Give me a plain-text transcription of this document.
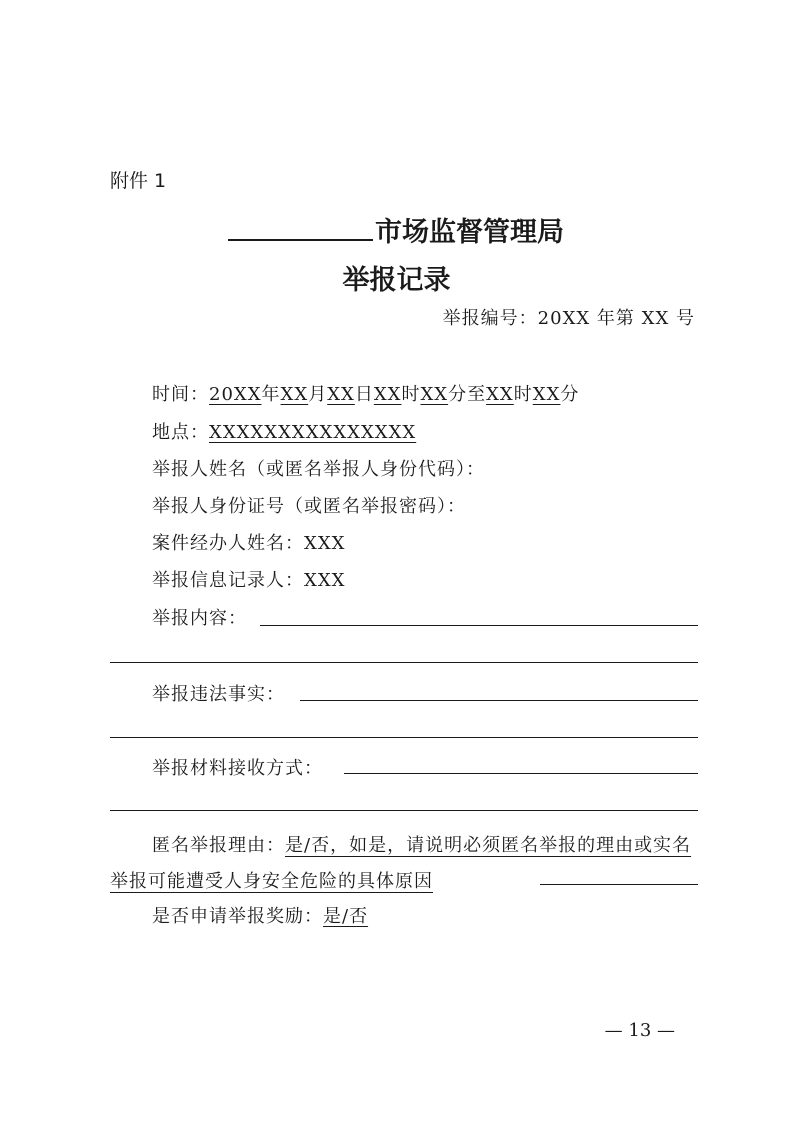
附件 1
市场监督管理局
举报记录
举报编号：20XX 年第 XX 号
时间：20XX年XX月XX日XX时XX分至XX时XX分
地点：XXXXXXXXXXXXXXX
举报人姓名（或匿名举报人身份代码）：
举报人身份证号（或匿名举报密码）：
案件经办人姓名：XXX
举报信息记录人：XXX
举报内容：
举报违法事实：
举报材料接收方式：
匿名举报理由：是/否，如是，请说明必须匿名举报的理由或实名举报可能遭受人身安全危险的具体原因
是否申请举报奖励：是/否
— 13 —
